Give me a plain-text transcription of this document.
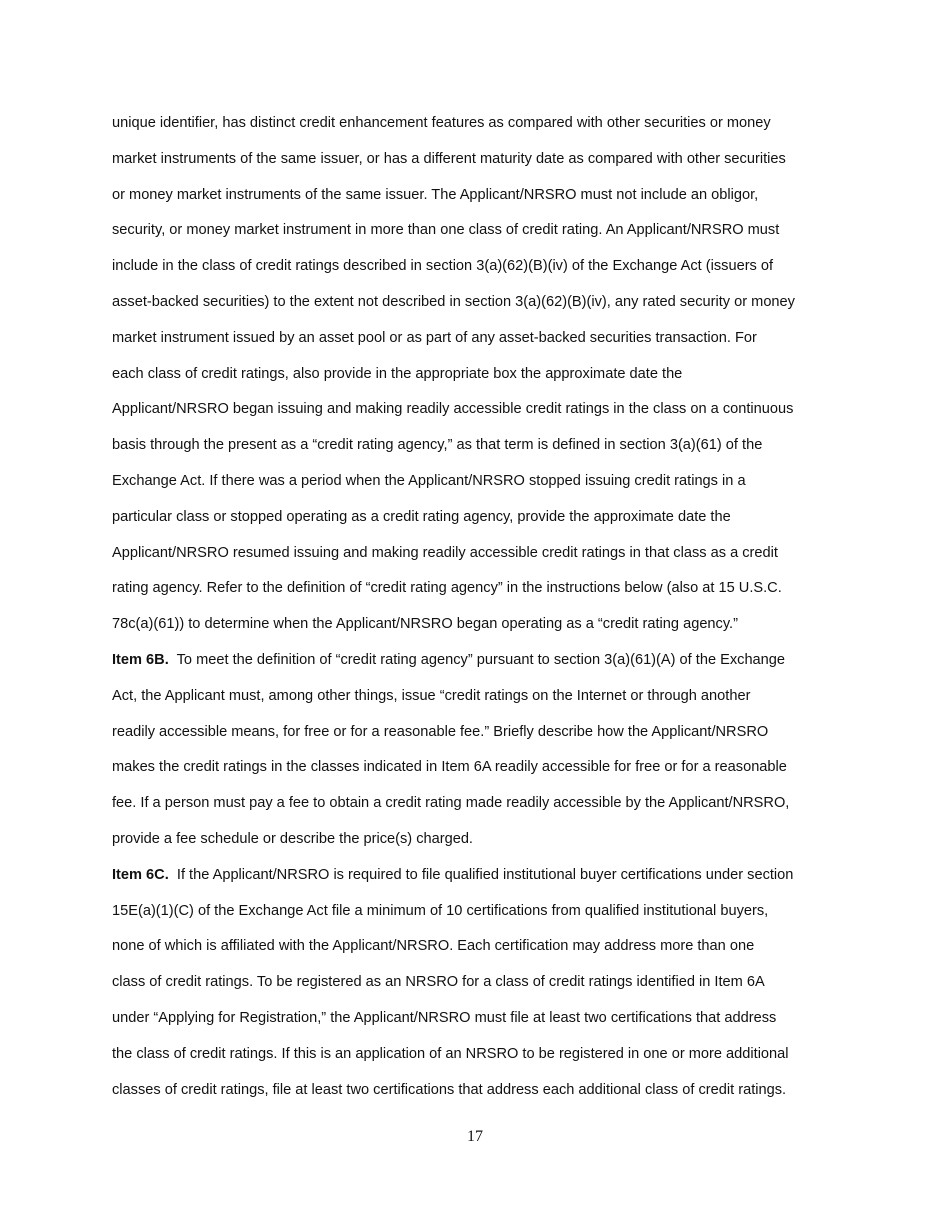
unique identifier, has distinct credit enhancement features as compared with other securities or money
market instruments of the same issuer, or has a different maturity date as compared with other securities
or money market instruments of the same issuer. The Applicant/NRSRO must not include an obligor,
security, or money market instrument in more than one class of credit rating. An Applicant/NRSRO must
include in the class of credit ratings described in section 3(a)(62)(B)(iv) of the Exchange Act (issuers of
asset-backed securities) to the extent not described in section 3(a)(62)(B)(iv), any rated security or money
market instrument issued by an asset pool or as part of any asset-backed securities transaction. For
each class of credit ratings, also provide in the appropriate box the approximate date the
Applicant/NRSRO began issuing and making readily accessible credit ratings in the class on a continuous
basis through the present as a “credit rating agency,” as that term is defined in section 3(a)(61) of the
Exchange Act. If there was a period when the Applicant/NRSRO stopped issuing credit ratings in a
particular class or stopped operating as a credit rating agency, provide the approximate date the
Applicant/NRSRO resumed issuing and making readily accessible credit ratings in that class as a credit
rating agency. Refer to the definition of “credit rating agency” in the instructions below (also at 15 U.S.C.
78c(a)(61)) to determine when the Applicant/NRSRO began operating as a “credit rating agency.”
Item 6B.  To meet the definition of “credit rating agency” pursuant to section 3(a)(61)(A) of the Exchange
Act, the Applicant must, among other things, issue “credit ratings on the Internet or through another
readily accessible means, for free or for a reasonable fee.” Briefly describe how the Applicant/NRSRO
makes the credit ratings in the classes indicated in Item 6A readily accessible for free or for a reasonable
fee. If a person must pay a fee to obtain a credit rating made readily accessible by the Applicant/NRSRO,
provide a fee schedule or describe the price(s) charged.
Item 6C.  If the Applicant/NRSRO is required to file qualified institutional buyer certifications under section
15E(a)(1)(C) of the Exchange Act file a minimum of 10 certifications from qualified institutional buyers,
none of which is affiliated with the Applicant/NRSRO. Each certification may address more than one
class of credit ratings. To be registered as an NRSRO for a class of credit ratings identified in Item 6A
under “Applying for Registration,” the Applicant/NRSRO must file at least two certifications that address
the class of credit ratings. If this is an application of an NRSRO to be registered in one or more additional
classes of credit ratings, file at least two certifications that address each additional class of credit ratings.
17
